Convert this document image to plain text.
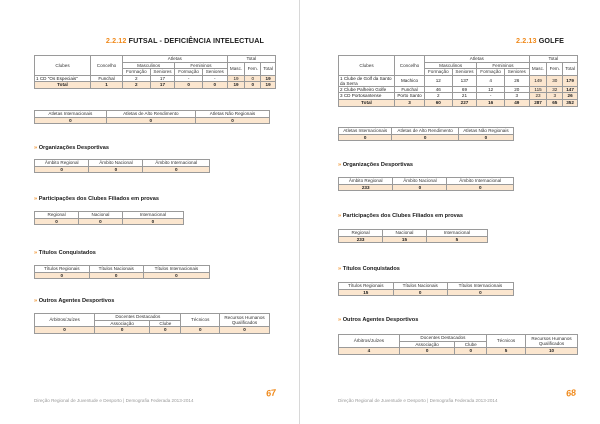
2.2.12 FUTSAL - DEFICIÊNCIA INTELECTUAL
Clubes	Concelho	Atletas				Total		
		Masculinos		Femininos		Masc.	Fem.	Total
		Formação	Seniores	Formação	Seniores			
1 CD "Os Especiais"	Funchal	2	17	-	-	19	0	19
Total	1	2	17	0	0	19	0	19
Atletas Internacionais	Atletas de Alto Rendimento	Atletas Não Regionais
0	0	0
» Organizações Desportivas
Âmbito Regional	Âmbito Nacional	Âmbito Internacional
0	0	0
» Participações dos Clubes Filiados em provas
Regional	Nacional	Internacional
0	0	0
» Títulos Conquistados
Títulos Regionais	Títulos Nacionais	Títulos Internacionais
0	0	0
» Outros Agentes Desportivos
Árbitros/Juízes	Docentes Destacados		Técnicos	Recursos Humanos Qualificados
	Associação	Clube		
0	0	0	0	0
Direção Regional de Juventude e Desporto | Demografia Federada 2013-2014
67
2.2.13 GOLFE
Clubes	Concelho	Atletas				Total		
		Masculinos		Femininos		Masc.	Fem.	Total
		Formação	Seniores	Formação	Seniores			
1 Clube de Golf da Santo da Serra	Machico	12	137	4	26	149	30	179
2 Clube Palheiro Golfe	Funchal	46	69	12	20	115	32	147
3 CD Portosantense	Porto Santo	2	21	-	3	23	3	26
Total	3	60	227	16	49	287	65	352
Atletas Internacionais	Atletas de Alto Rendimento	Atletas Não Regionais
0	0	0
» Organizações Desportivas
Âmbito Regional	Âmbito Nacional	Âmbito Internacional
233	0	0
» Participações dos Clubes Filiados em provas
Regional	Nacional	Internacional
233	15	5
» Títulos Conquistados
Títulos Regionais	Títulos Nacionais	Títulos Internacionais
15	0	0
» Outros Agentes Desportivos
Árbitros/Juízes	Docentes Destacados		Técnicos	Recursos Humanos Qualificados
	Associação	Clube		
4	0	0	5	10
Direção Regional de Juventude e Desporto | Demografia Federada 2013-2014
68
